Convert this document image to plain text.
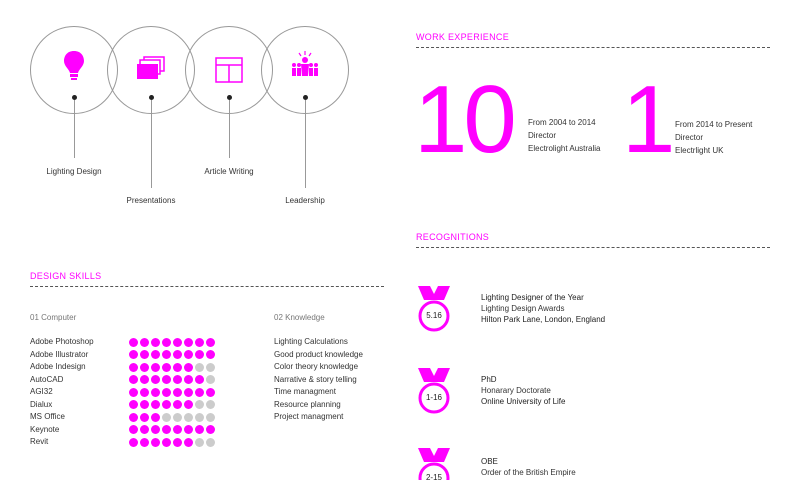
Lighting Design
Presentations
Article Writing
Leadership
DESIGN SKILLS
01 Computer	02 Knowledge
Adobe Photoshop
Adobe Illustrator
Adobe Indesign
AutoCAD
AGI32
Dialux
MS Office
Keynote
Revit
Lighting Calculations
Good product knowledge
Color theory knowledge
Narrative & story telling
Time managment
Resource planning
Project managment
WORK EXPERIENCE
10 From 2004 to 2014
Director
Electrolight Australia 1 From 2014 to Present
Director
Electrlight UK
RECOGNITIONS
5.16
Lighting Designer of the Year
Lighting Design Awards
Hilton Park Lane, London, England
1-16
PhD
Honarary Doctorate
Online University of Life
2-15
OBE
Order of the British Empire
